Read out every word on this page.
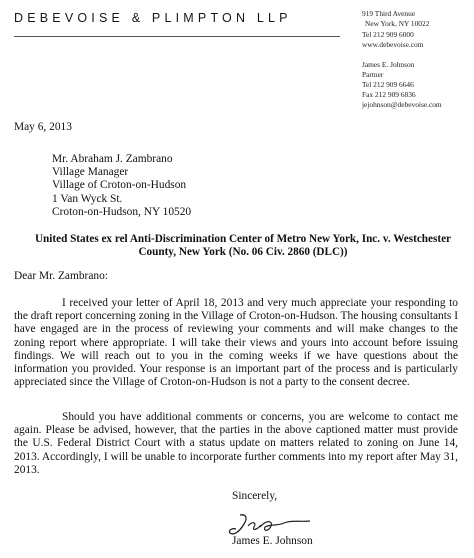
DEBEVOISE & PLIMPTON LLP	919 Third Avenue
New York, NY 10022
Tel 212 909 6000
www.debevoise.com
James E. Johnson
Partner
Tel 212 909 6646
Fax 212 909 6836
jejohnson@debevoise.com
May 6, 2013
Mr. Abraham J. Zambrano
Village Manager
Village of Croton-on-Hudson
1 Van Wyck St.
Croton-on-Hudson, NY 10520
United States ex rel Anti-Discrimination Center of Metro New York, Inc. v. Westchester County, New York (No. 06 Civ. 2860 (DLC))
Dear Mr. Zambrano:
I received your letter of April 18, 2013 and very much appreciate your responding to the draft report concerning zoning in the Village of Croton-on-Hudson. The housing consultants I have engaged are in the process of reviewing your comments and will make changes to the zoning report where appropriate. I will take their views and yours into account before issuing findings. We will reach out to you in the coming weeks if we have questions about the information you provided. Your response is an important part of the process and is particularly appreciated since the Village of Croton-on-Hudson is not a party to the consent decree.
Should you have additional comments or concerns, you are welcome to contact me again. Please be advised, however, that the parties in the above captioned matter must provide the U.S. Federal District Court with a status update on matters related to zoning on June 14, 2013. Accordingly, I will be unable to incorporate further comments into my report after May 31, 2013.
Sincerely,
James E. Johnson
